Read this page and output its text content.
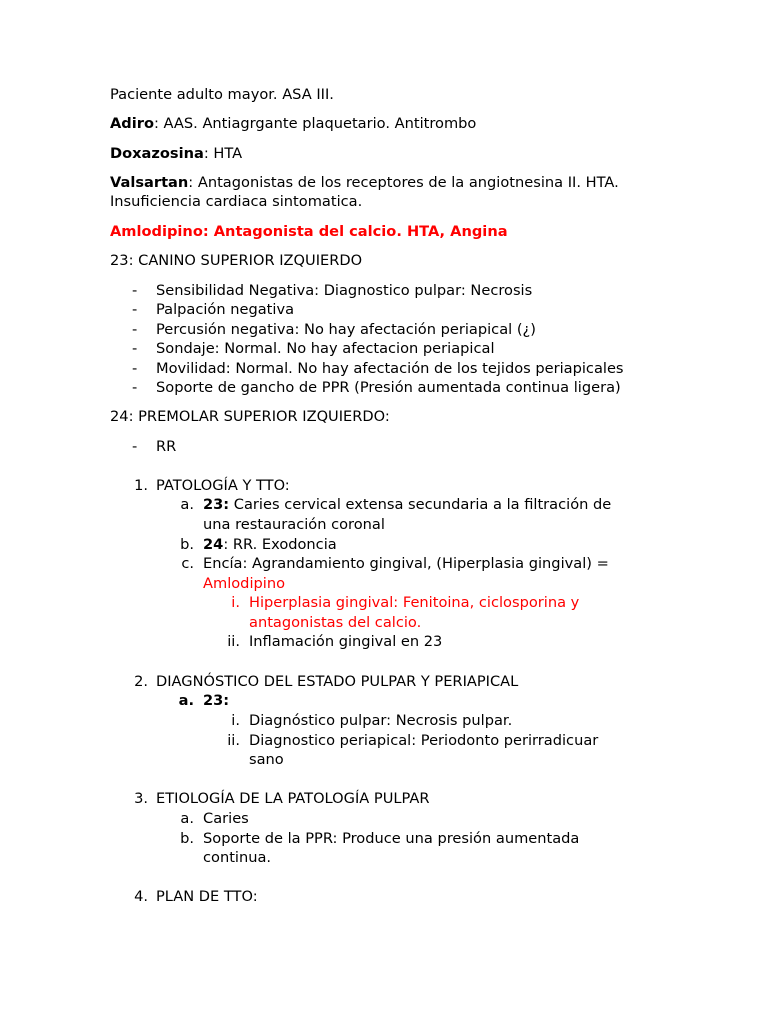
Paciente adulto mayor. ASA III.
Adiro: AAS. Antiagrgante plaquetario. Antitrombo
Doxazosina: HTA
Valsartan: Antagonistas de los receptores de la angiotnesina II. HTA.
Insuficiencia cardiaca sintomatica.
Amlodipino: Antagonista del calcio. HTA, Angina
23: CANINO SUPERIOR IZQUIERDO
- Sensibilidad Negativa: Diagnostico pulpar: Necrosis
- Palpación negativa
- Percusión negativa: No hay afectación periapical (¿)
- Sondaje: Normal. No hay afectacion periapical
- Movilidad: Normal. No hay afectación de los tejidos periapicales
- Soporte de gancho de PPR (Presión aumentada continua ligera)
24: PREMOLAR SUPERIOR IZQUIERDO:
- RR
1. PATOLOGÍA Y TTO:
a. 23: Caries cervical extensa secundaria a la filtración de
una restauración coronal
b. 24: RR. Exodoncia
c. Encía: Agrandamiento gingival, (Hiperplasia gingival) =
Amlodipino
i. Hiperplasia gingival: Fenitoina, ciclosporina y
antagonistas del calcio.
ii. Inflamación gingival en 23
2. DIAGNÓSTICO DEL ESTADO PULPAR Y PERIAPICAL
a. 23:
i. Diagnóstico pulpar: Necrosis pulpar.
ii. Diagnostico periapical: Periodonto perirradicuar
sano
3. ETIOLOGÍA DE LA PATOLOGÍA PULPAR
a. Caries
b. Soporte de la PPR: Produce una presión aumentada
continua.
4. PLAN DE TTO:
